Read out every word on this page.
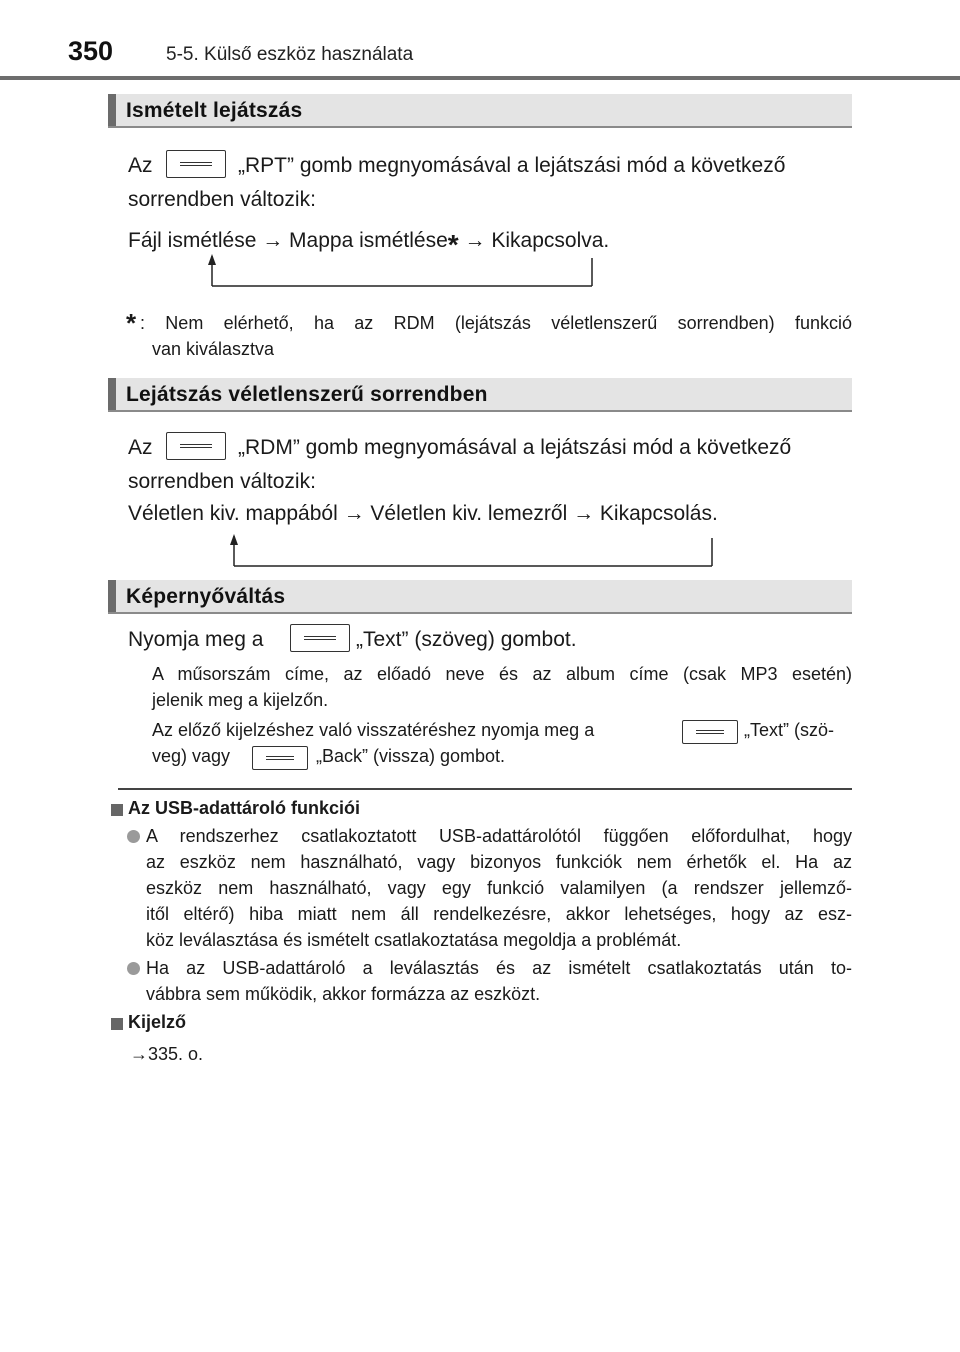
350	5-5. Külső eszköz használata
Ismételt lejátszás
Az	„RPT” gomb megnyomásával a lejátszási mód a következő
sorrendben változik:
Fájl ismétlése → Mappa ismétlése* → Kikapcsolva.
* : Nem elérhető, ha az RDM (lejátszás véletlenszerű sorrendben) funkció
van kiválasztva
Lejátszás véletlenszerű sorrendben
Az	„RDM” gomb megnyomásával a lejátszási mód a következő
sorrendben változik:
Véletlen kiv. mappából → Véletlen kiv. lemezről → Kikapcsolás.
Képernyőváltás
Nyomja meg a	„Text” (szöveg) gombot.
A műsorszám címe, az előadó neve és az album címe (csak MP3 esetén)
jelenik meg a kijelzőn.
Az előző kijelzéshez való visszatéréshez nyomja meg a	„Text” (szö-
veg) vagy	„Back” (vissza) gombot.
Az USB-adattároló funkciói
A rendszerhez csatlakoztatott USB-adattárolótól függően előfordulhat, hogy
az eszköz nem használható, vagy bizonyos funkciók nem érhetők el. Ha az
eszköz nem használható, vagy egy funkció valamilyen (a rendszer jellemző-
itől eltérő) hiba miatt nem áll rendelkezésre, akkor lehetséges, hogy az esz-
köz leválasztása és ismételt csatlakoztatása megoldja a problémát.
Ha az USB-adattároló a leválasztás és az ismételt csatlakoztatás után to-
vábbra sem működik, akkor formázza az eszközt.
Kijelző
→335. o.
